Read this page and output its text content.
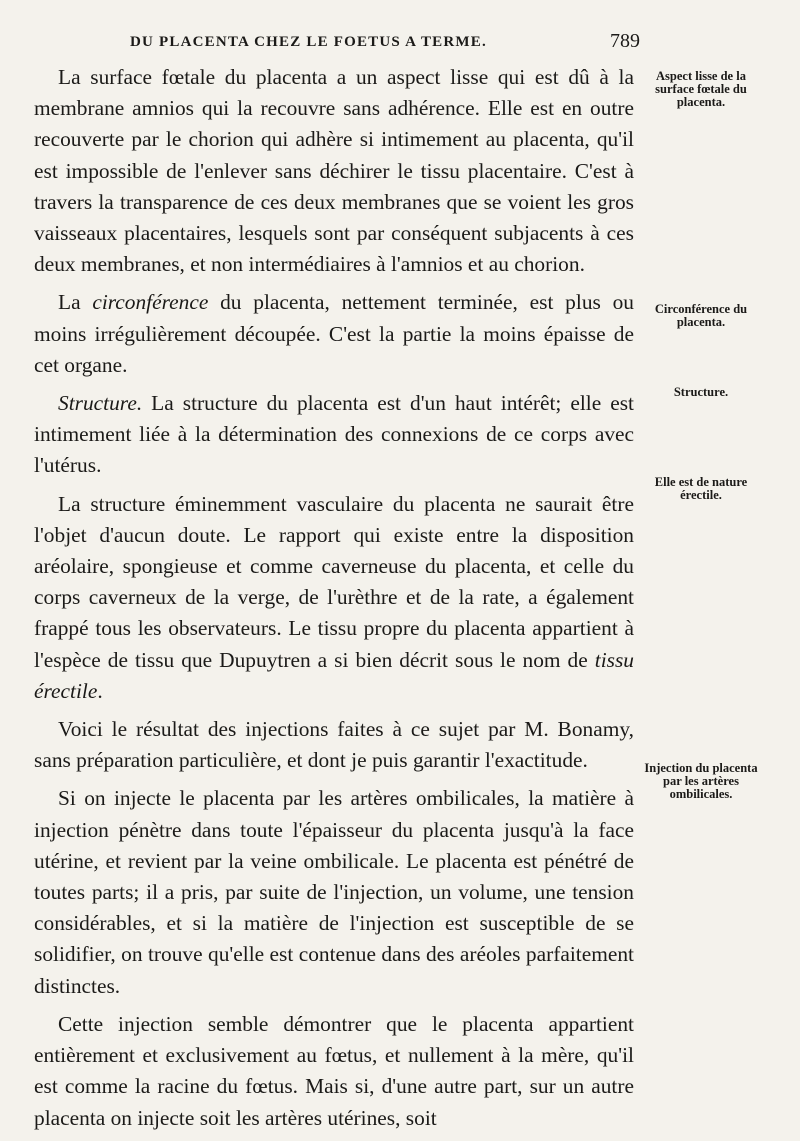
DU PLACENTA CHEZ LE FOETUS A TERME.	789

La surface fœtale du placenta a un aspect lisse qui est dû à la membrane amnios qui la recouvre sans adhérence. Elle est en outre recouverte par le chorion qui adhère si intimement au placenta, qu'il est impossible de l'enlever sans déchirer le tissu placentaire. C'est à travers la transparence de ces deux membranes que se voient les gros vaisseaux placentaires, lesquels sont par conséquent subjacents à ces deux membranes, et non intermédiaires à l'amnios et au chorion.

La circonférence du placenta, nettement terminée, est plus ou moins irrégulièrement découpée. C'est la partie la moins épaisse de cet organe.

Structure. La structure du placenta est d'un haut intérêt; elle est intimement liée à la détermination des connexions de ce corps avec l'utérus.

La structure éminemment vasculaire du placenta ne saurait être l'objet d'aucun doute. Le rapport qui existe entre la disposition aréolaire, spongieuse et comme caverneuse du placenta, et celle du corps caverneux de la verge, de l'urèthre et de la rate, a également frappé tous les observateurs. Le tissu propre du placenta appartient à l'espèce de tissu que Dupuytren a si bien décrit sous le nom de tissu érectile.

Voici le résultat des injections faites à ce sujet par M. Bonamy, sans préparation particulière, et dont je puis garantir l'exactitude.

Si on injecte le placenta par les artères ombilicales, la matière à injection pénètre dans toute l'épaisseur du placenta jusqu'à la face utérine, et revient par la veine ombilicale. Le placenta est pénétré de toutes parts; il a pris, par suite de l'injection, un volume, une tension considérables, et si la matière de l'injection est susceptible de se solidifier, on trouve qu'elle est contenue dans des aréoles parfaitement distinctes.

Cette injection semble démontrer que le placenta appartient entièrement et exclusivement au fœtus, et nullement à la mère, qu'il est comme la racine du fœtus. Mais si, d'une autre part, sur un autre placenta on injecte soit les artères utérines, soit

Aspect lisse de la surface fœtale du placenta.
Circonférence du placenta.
Structure.
Elle est de nature érectile.
Injection du placenta par les artères ombilicales.
